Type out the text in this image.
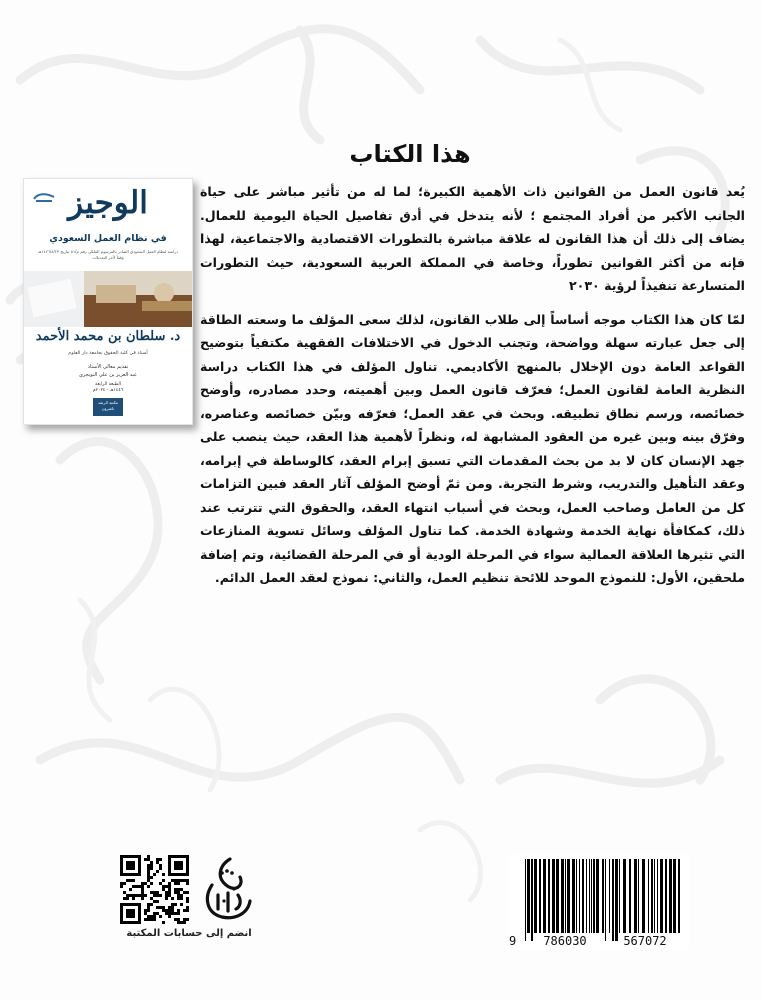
هذا الكتاب

يُعد قانون العمل من القوانين ذات الأهمية الكبيرة؛ لما له من تأثير مباشر على حياة الجانب الأكبر من أفراد المجتمع ؛ لأنه يتدخل في أدق تفاصيل الحياة اليومية للعمال. يضاف إلى ذلك أن هذا القانون له علاقة مباشرة بالتطورات الاقتصادية والاجتماعية، لهذا فإنه من أكثر القوانين تطوراً، وخاصة في المملكة العربية السعودية، حيث التطورات المتسارعة تنفيذاً لرؤية ٢٠٣٠

لمّا كان هذا الكتاب موجه أساساً إلى طلاب القانون، لذلك سعى المؤلف ما وسعته الطاقة إلى جعل عبارته سهلة وواضحة، وتجنب الدخول في الاختلافات الفقهية مكتفياً بتوضيح القواعد العامة دون الإخلال بالمنهج الأكاديمي. تناول المؤلف في هذا الكتاب دراسة النظرية العامة لقانون العمل؛ فعرّف قانون العمل وبين أهميته، وحدد مصادره، وأوضح خصائصه، ورسم نطاق تطبيقه. وبحث في عقد العمل؛ فعرّفه وبيّن خصائصه وعناصره، وفرّق بينه وبين غيره من العقود المشابهة له، ونظراً لأهمية هذا العقد، حيث ينصب على جهد الإنسان كان لا بد من بحث المقدمات التي تسبق إبرام العقد، كالوساطة في إبرامه، وعقد التأهيل والتدريب، وشرط التجربة. ومن ثمّ أوضح المؤلف آثار العقد فبين التزامات كل من العامل وصاحب العمل، وبحث في أسباب انتهاء العقد، والحقوق التي تترتب عند ذلك، كمكافأة نهاية الخدمة وشهادة الخدمة. كما تناول المؤلف وسائل تسوية المنازعات التي تثيرها العلاقة العمالية سواء في المرحلة الودية أو في المرحلة القضائية، وتم إضافة ملحقين، الأول: للنموذج الموحد للائحة تنظيم العمل، والثاني: نموذج لعقد العمل الدائم.

الوجيز
في نظام العمل السعودي
دراسة لنظام العمل السعودي الصادر بالمرسوم الملكي رقم م/٥١ بتاريخ ١٤٢٦/٨/٢٣هـ وفقاً لآخر التعديلات
د. سلطان بن محمد الأحمد
أستاذ في كلية الحقوق بجامعة دار العلوم
تقديم معالي الأستاذ
عبد العزيز بن علي التويجري
الطبعة الرابعة
١٤٤٦هـ - ٢٠٢٤م
مكتبة الرشد ناشرون
انضم إلى حسابات المكتبة
9	786030	567072
